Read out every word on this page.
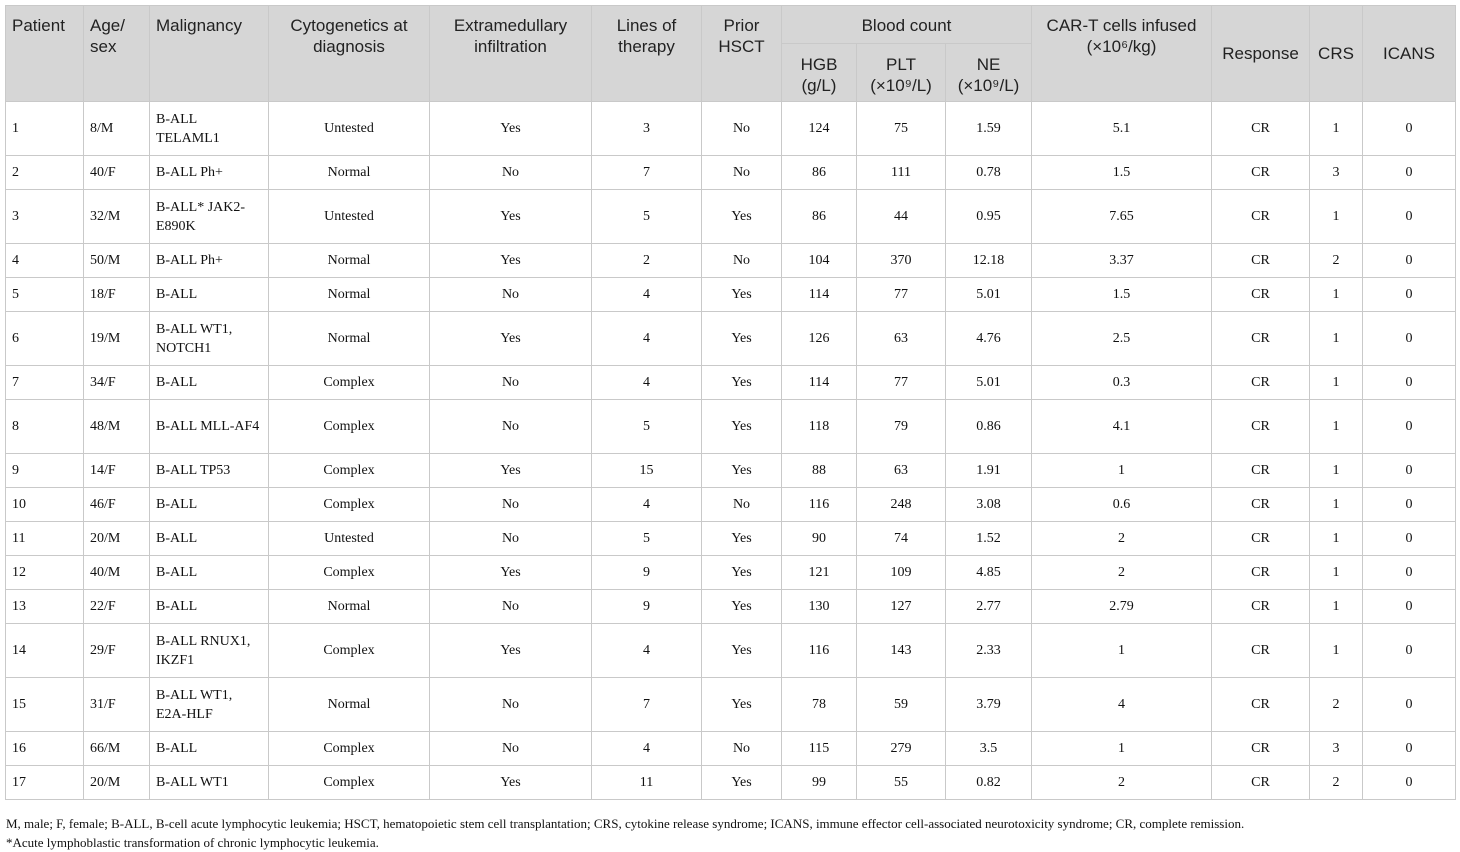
Patient	Age/ sex	Malignancy	Cytogenetics at diagnosis	Extramedullary infiltration	Lines of therapy	Prior HSCT	Blood count			CAR-T cells infused (×10⁶/kg)	Response	CRS	ICANS
							HGB (g/L)	PLT (×10⁹/L)	NE (×10⁹/L)				
1	8/M	B-ALL TELAML1	Untested	Yes	3	No	124	75	1.59	5.1	CR	1	0
2	40/F	B-ALL Ph+	Normal	No	7	No	86	111	0.78	1.5	CR	3	0
3	32/M	B-ALL* JAK2-E890K	Untested	Yes	5	Yes	86	44	0.95	7.65	CR	1	0
4	50/M	B-ALL Ph+	Normal	Yes	2	No	104	370	12.18	3.37	CR	2	0
5	18/F	B-ALL	Normal	No	4	Yes	114	77	5.01	1.5	CR	1	0
6	19/M	B-ALL WT1, NOTCH1	Normal	Yes	4	Yes	126	63	4.76	2.5	CR	1	0
7	34/F	B-ALL	Complex	No	4	Yes	114	77	5.01	0.3	CR	1	0
8	48/M	B-ALL MLL-AF4	Complex	No	5	Yes	118	79	0.86	4.1	CR	1	0
9	14/F	B-ALL TP53	Complex	Yes	15	Yes	88	63	1.91	1	CR	1	0
10	46/F	B-ALL	Complex	No	4	No	116	248	3.08	0.6	CR	1	0
11	20/M	B-ALL	Untested	No	5	Yes	90	74	1.52	2	CR	1	0
12	40/M	B-ALL	Complex	Yes	9	Yes	121	109	4.85	2	CR	1	0
13	22/F	B-ALL	Normal	No	9	Yes	130	127	2.77	2.79	CR	1	0
14	29/F	B-ALL RNUX1, IKZF1	Complex	Yes	4	Yes	116	143	2.33	1	CR	1	0
15	31/F	B-ALL WT1, E2A-HLF	Normal	No	7	Yes	78	59	3.79	4	CR	2	0
16	66/M	B-ALL	Complex	No	4	No	115	279	3.5	1	CR	3	0
17	20/M	B-ALL WT1	Complex	Yes	11	Yes	99	55	0.82	2	CR	2	0

M, male; F, female; B-ALL, B-cell acute lymphocytic leukemia; HSCT, hematopoietic stem cell transplantation; CRS, cytokine release syndrome; ICANS, immune effector cell-associated neurotoxicity syndrome; CR, complete remission.

*Acute lymphoblastic transformation of chronic lymphocytic leukemia.
